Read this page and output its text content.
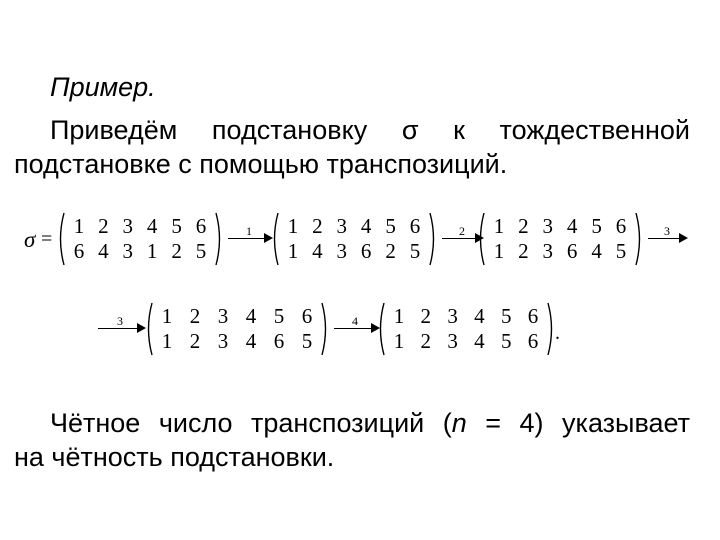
Пример.
Приведём подстановку σ к тождественной
подстановке с помощью транспозиций.
σ =
1 2 3 4 5 6
6 4 3 1 2 5
1 1 2 3 4 5 6
1 4 3 6 2 5
2 1 2 3 4 5 6
1 2 3 6 4 5
3
3 1 2 3 4 5 6
1 2 3 4 6 5
4 1 2 3 4 5 6
1 2 3 4 5 6 .
Чётное число транспозиций (n = 4) указывает
на чётность подстановки.
